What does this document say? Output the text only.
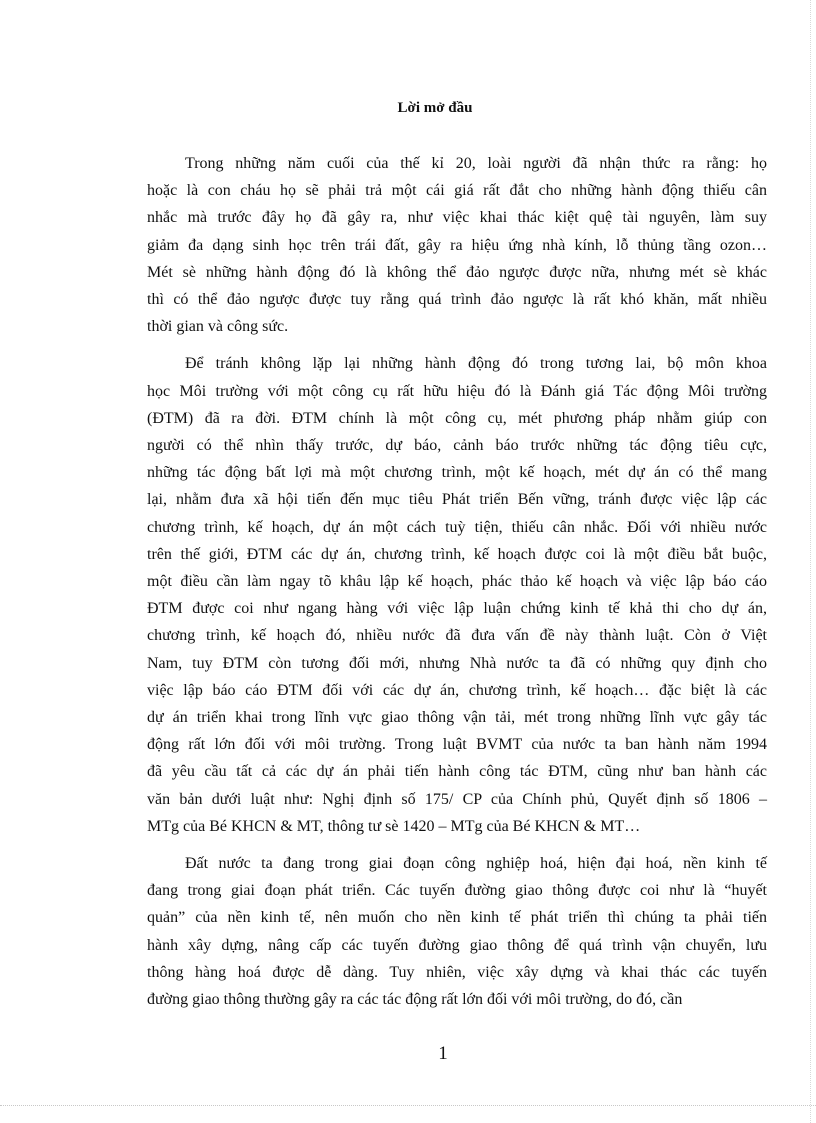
Lời mở đầu

Trong những năm cuối của thế kỉ 20, loài người đã nhận thức ra rằng: họ
hoặc là con cháu họ sẽ phải trả một cái giá rất đắt cho những hành động thiếu cân
nhắc mà trước đây họ đã gây ra, như việc khai thác kiệt quệ tài nguyên, làm suy
giảm đa dạng sinh học trên trái đất, gây ra hiệu ứng nhà kính, lỗ thủng tầng ozon…
Mét sè những hành động đó là không thể đảo ngược được nữa, nhưng mét sè khác
thì có thể đảo ngược được tuy rằng quá trình đảo ngược là rất khó khăn, mất nhiều
thời gian và công sức.

Để tránh không lặp lại những hành động đó trong tương lai, bộ môn khoa
học Môi trường với một công cụ rất hữu hiệu đó là Đánh giá Tác động Môi trường
(ĐTM) đã ra đời. ĐTM chính là một công cụ, mét phương pháp nhằm giúp con
người có thể nhìn thấy trước, dự báo, cảnh báo trước những tác động tiêu cực,
những tác động bất lợi mà một chương trình, một kế hoạch, mét dự án có thể mang
lại, nhằm đưa xã hội tiến đến mục tiêu Phát triển Bến vững, tránh được việc lập các
chương trình, kế hoạch, dự án một cách tuỳ tiện, thiếu cân nhắc. Đối với nhiều nước
trên thế giới, ĐTM các dự án, chương trình, kế hoạch được coi là một điều bắt buộc,
một điều cần làm ngay tõ khâu lập kế hoạch, phác thảo kế hoạch và việc lập báo cáo
ĐTM được coi như ngang hàng với việc lập luận chứng kinh tế khả thi cho dự án,
chương trình, kế hoạch đó, nhiều nước đã đưa vấn đề này thành luật. Còn ở Việt
Nam, tuy ĐTM còn tương đối mới, nhưng Nhà nước ta đã có những quy định cho
việc lập báo cáo ĐTM đối với các dự án, chương trình, kế hoạch… đặc biệt là các
dự án triển khai trong lĩnh vực giao thông vận tải, mét trong những lĩnh vực gây tác
động rất lớn đối với môi trường. Trong luật BVMT của nước ta ban hành năm 1994
đã yêu cầu tất cả các dự án phải tiến hành công tác ĐTM, cũng như ban hành các
văn bản dưới luật như: Nghị định số 175/ CP của Chính phủ, Quyết định số 1806 –
MTg của Bé KHCN & MT, thông tư sè 1420 – MTg của Bé KHCN & MT…

Đất nước ta đang trong giai đoạn công nghiệp hoá, hiện đại hoá, nền kinh tế
đang trong giai đoạn phát triển. Các tuyến đường giao thông được coi như là “huyết
quản” của nền kinh tế, nên muốn cho nền kinh tế phát triển thì chúng ta phải tiến
hành xây dựng, nâng cấp các tuyến đường giao thông để quá trình vận chuyển, lưu
thông hàng hoá được dễ dàng. Tuy nhiên, việc xây dựng và khai thác các tuyến
đường giao thông thường gây ra các tác động rất lớn đối với môi trường, do đó, cần

1
